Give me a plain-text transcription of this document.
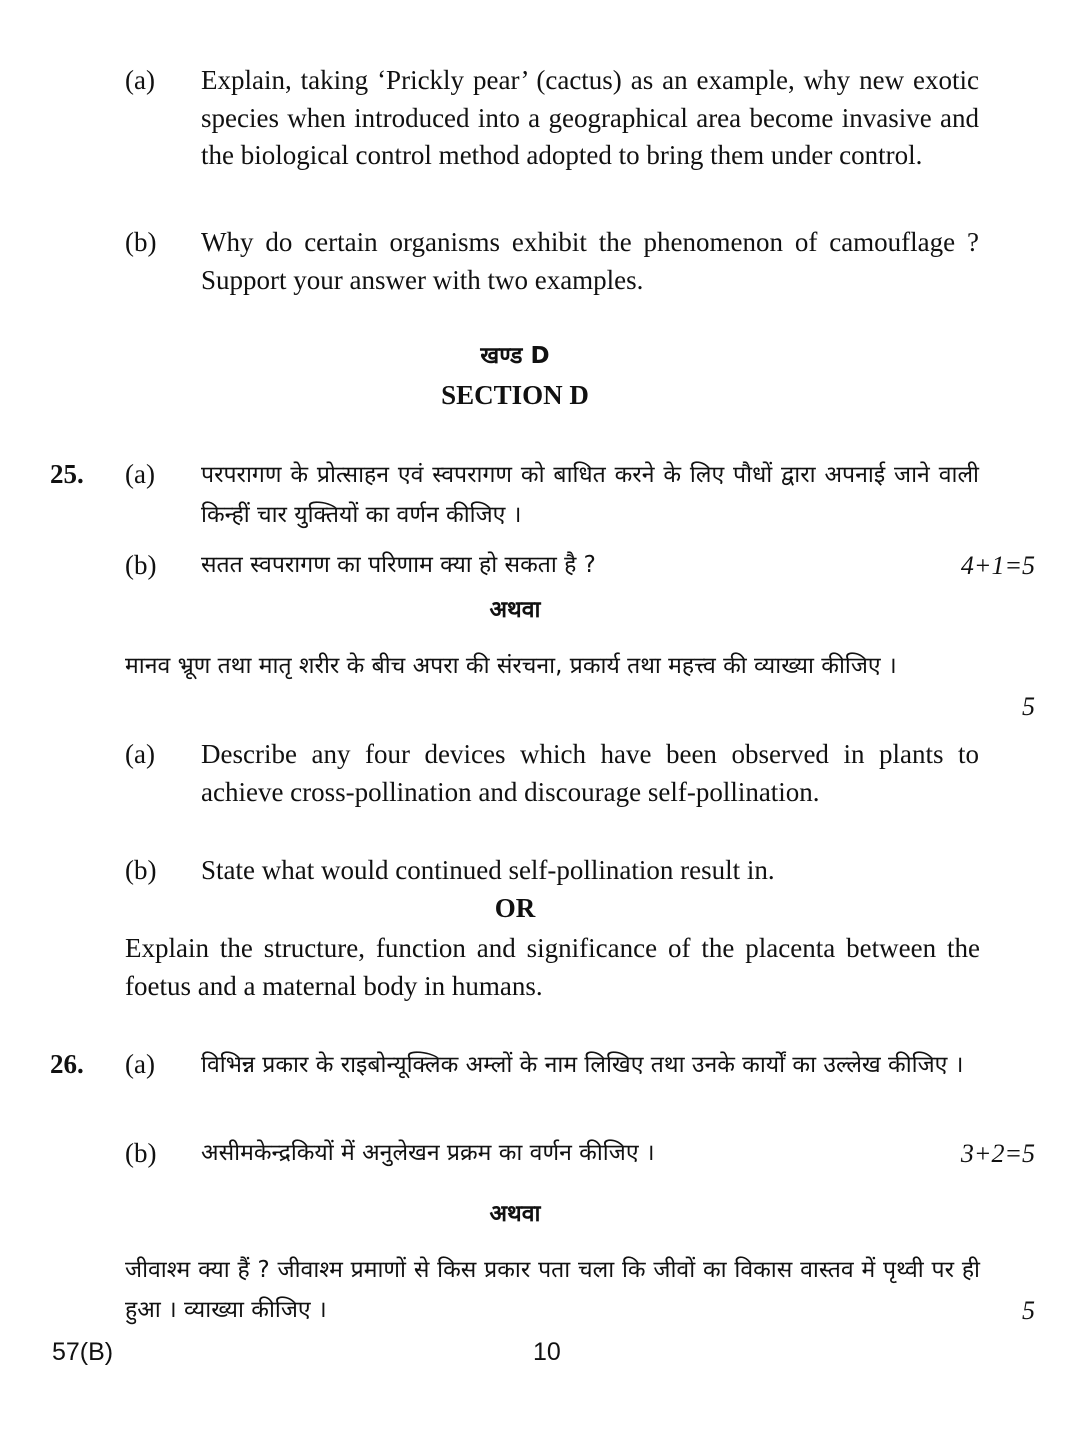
(a) Explain, taking ‘Prickly pear’ (cactus) as an example, why new exotic species when introduced into a geographical area become invasive and the biological control method adopted to bring them under control.
(b) Why do certain organisms exhibit the phenomenon of camouflage ? Support your answer with two examples.
खण्ड D
SECTION D
25. (a) परपरागण के प्रोत्साहन एवं स्वपरागण को बाधित करने के लिए पौधों द्वारा अपनाई जाने वाली किन्हीं चार युक्तियों का वर्णन कीजिए ।
(b) सतत स्वपरागण का परिणाम क्या हो सकता है ?	4+1=5
अथवा
मानव भ्रूण तथा मातृ शरीर के बीच अपरा की संरचना, प्रकार्य तथा महत्त्व की व्याख्या कीजिए ।
5
(a) Describe any four devices which have been observed in plants to achieve cross-pollination and discourage self-pollination.
(b) State what would continued self-pollination result in.
OR
Explain the structure, function and significance of the placenta between the foetus and a maternal body in humans.
26. (a) विभिन्न प्रकार के राइबोन्यूक्लिक अम्लों के नाम लिखिए तथा उनके कार्यों का उल्लेख कीजिए ।
(b) असीमकेन्द्रकियों में अनुलेखन प्रक्रम का वर्णन कीजिए ।	3+2=5
अथवा
जीवाश्म क्या हैं ? जीवाश्म प्रमाणों से किस प्रकार पता चला कि जीवों का विकास वास्तव में पृथ्वी पर ही हुआ । व्याख्या कीजिए ।	5
57(B)	10
